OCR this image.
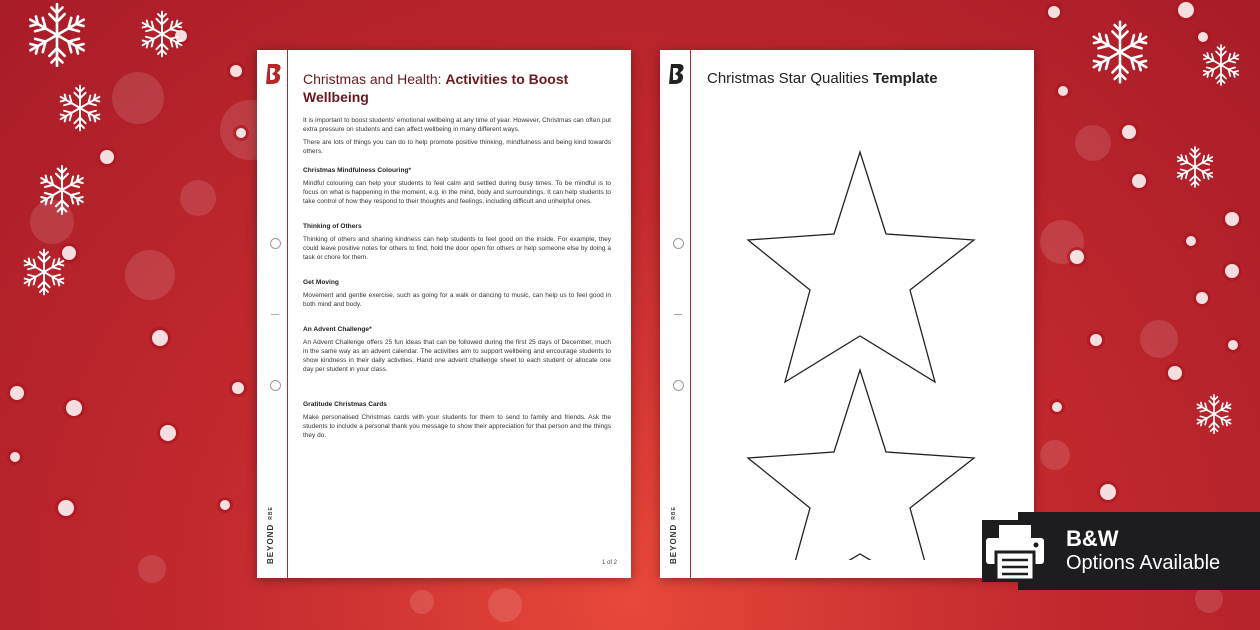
BEYONDRBE
Christmas and Health: Activities to Boost Wellbeing

It is important to boost students' emotional wellbeing at any time of year. However, Christmas can often put extra pressure on students and can affect wellbeing in many different ways.

There are lots of things you can do to help promote positive thinking, mindfulness and being kind towards others.

Christmas Mindfulness Colouring*

Mindful colouring can help your students to feel calm and settled during busy times. To be mindful is to focus on what is happening in the moment, e.g. in the mind, body and surroundings. It can help students to take control of how they respond to their thoughts and feelings, including difficult and unhelpful ones.

Thinking of Others

Thinking of others and sharing kindness can help students to feel good on the inside. For example, they could leave positive notes for others to find, hold the door open for others or help someone else by doing a task or chore for them.

Get Moving

Movement and gentle exercise, such as going for a walk or dancing to music, can help us to feel good in both mind and body.

An Advent Challenge*

An Advent Challenge offers 25 fun ideas that can be followed during the first 25 days of December, much in the same way as an advent calendar. The activities aim to support wellbeing and encourage students to show kindness in their daily activities. Hand one advent challenge sheet to each student or allocate one day per student in your class.

Gratitude Christmas Cards

Make personalised Christmas cards with your students for them to send to family and friends. Ask the students to include a personal thank you message to show their appreciation for that person and the things they do.

1 of 2	BEYONDRBE
Christmas Star Qualities Template
B&W
Options Available
